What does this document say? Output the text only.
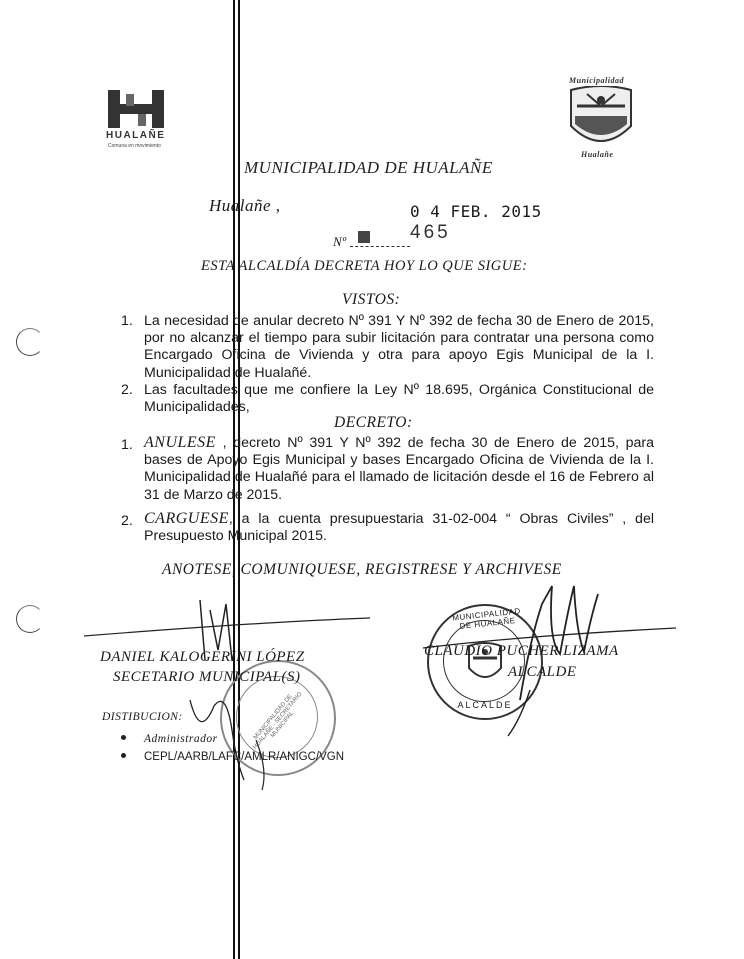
HUALAÑE
Comuna en movimiento
Municipalidad
Hualañe
MUNICIPALIDAD DE HUALAÑE
Hualañe ,	0 4 FEB. 2015
Nº	465
ESTA ALCALDÍA DECRETA HOY LO QUE SIGUE:
VISTOS:
1. La necesidad de anular decreto Nº 391 Y Nº 392 de fecha 30 de Enero de 2015, por no alcanzar el tiempo para subir licitación para contratar una persona como Encargado Oficina de Vivienda y otra para apoyo Egis Municipal de la I. Municipalidad de Hualañé.
2. Las facultades que me confiere la Ley Nº 18.695, Orgánica Constitucional de Municipalidades,
DECRETO:
1. ANULESE , decreto Nº 391 Y Nº 392 de fecha 30 de Enero de 2015, para bases de Apoyo Egis Municipal y bases Encargado Oficina de Vivienda de la I. Municipalidad de Hualañé para el llamado de licitación desde el 16 de Febrero al 31 de Marzo de 2015.
2. CARGUESE, a la cuenta presupuestaria 31-02-004 “ Obras Civiles” , del Presupuesto Municipal 2015.
ANOTESE, COMUNIQUESE, REGISTRESE Y ARCHIVESE
MUNICIPALIDAD DE HUALAÑE
ALCALDE
MUNICIPALIDAD DE HUALAÑE · SECRETARIO MUNICIPAL
DANIEL KALOGERINI LÓPEZ
SECETARIO MUNICIPAL(S)
CLAUDIO PUCHER LIZAMA
ALCALDE
DISTIBUCION:
Administrador
CEPL/AARB/LAFC/AMLR/ANIGC/VGN
